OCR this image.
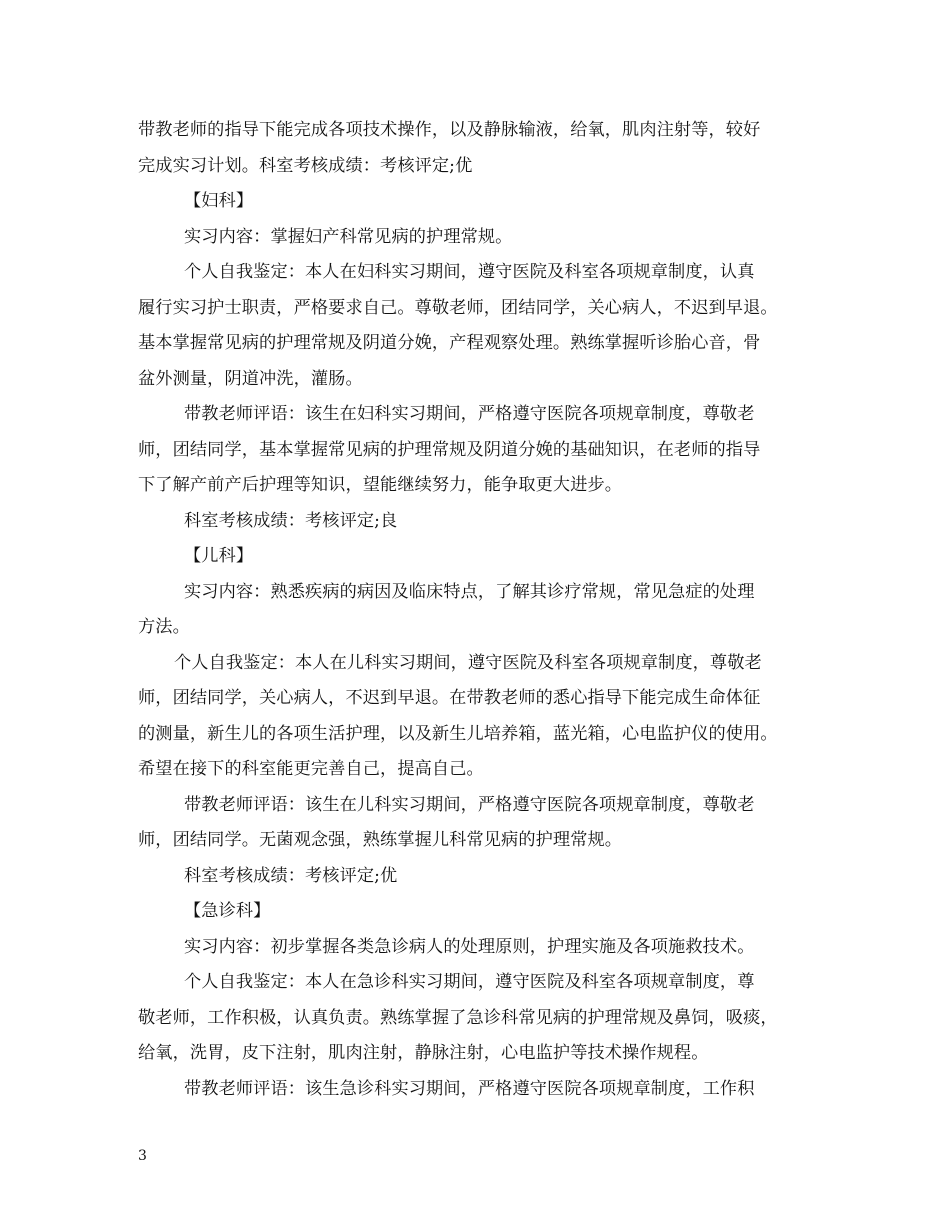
带教老师的指导下能完成各项技术操作，以及静脉输液，给氧，肌肉注射等，较好
完成实习计划。科室考核成绩：考核评定;优
【妇科】
实习内容：掌握妇产科常见病的护理常规。
个人自我鉴定：本人在妇科实习期间，遵守医院及科室各项规章制度，认真
履行实习护士职责，严格要求自己。尊敬老师，团结同学，关心病人，不迟到早退。
基本掌握常见病的护理常规及阴道分娩，产程观察处理。熟练掌握听诊胎心音，骨
盆外测量，阴道冲洗，灌肠。
带教老师评语：该生在妇科实习期间，严格遵守医院各项规章制度，尊敬老
师，团结同学，基本掌握常见病的护理常规及阴道分娩的基础知识，在老师的指导
下了解产前产后护理等知识，望能继续努力，能争取更大进步。
科室考核成绩：考核评定;良
【儿科】
实习内容：熟悉疾病的病因及临床特点，了解其诊疗常规，常见急症的处理
方法。
个人自我鉴定：本人在儿科实习期间，遵守医院及科室各项规章制度，尊敬老
师，团结同学，关心病人，不迟到早退。在带教老师的悉心指导下能完成生命体征
的测量，新生儿的各项生活护理，以及新生儿培养箱，蓝光箱，心电监护仪的使用。
希望在接下的科室能更完善自己，提高自己。
带教老师评语：该生在儿科实习期间，严格遵守医院各项规章制度，尊敬老
师，团结同学。无菌观念强，熟练掌握儿科常见病的护理常规。
科室考核成绩：考核评定;优
【急诊科】
实习内容：初步掌握各类急诊病人的处理原则，护理实施及各项施救技术。
个人自我鉴定：本人在急诊科实习期间，遵守医院及科室各项规章制度，尊
敬老师，工作积极，认真负责。熟练掌握了急诊科常见病的护理常规及鼻饲，吸痰，
给氧，洗胃，皮下注射，肌肉注射，静脉注射，心电监护等技术操作规程。
带教老师评语：该生急诊科实习期间，严格遵守医院各项规章制度，工作积
3
